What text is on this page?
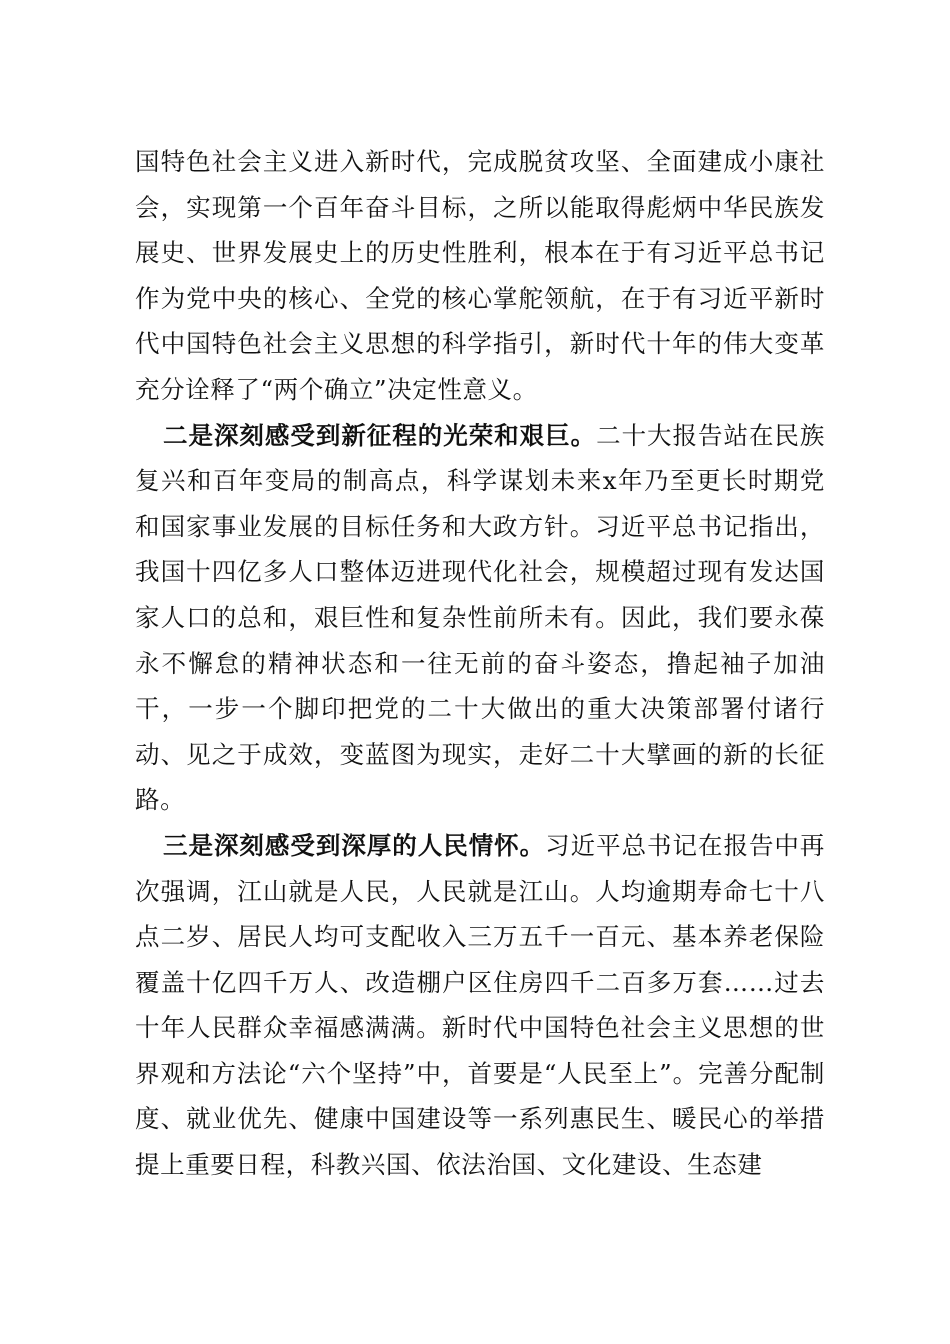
国特色社会主义进入新时代，完成脱贫攻坚、全面建成小康社会，实现第一个百年奋斗目标，之所以能取得彪炳中华民族发展史、世界发展史上的历史性胜利，根本在于有习近平总书记作为党中央的核心、全党的核心掌舵领航，在于有习近平新时代中国特色社会主义思想的科学指引，新时代十年的伟大变革充分诠释了“两个确立”决定性意义。

二是深刻感受到新征程的光荣和艰巨。二十大报告站在民族复兴和百年变局的制高点，科学谋划未来x年乃至更长时期党和国家事业发展的目标任务和大政方针。习近平总书记指出，我国十四亿多人口整体迈进现代化社会，规模超过现有发达国家人口的总和，艰巨性和复杂性前所未有。因此，我们要永葆永不懈怠的精神状态和一往无前的奋斗姿态，撸起袖子加油干，一步一个脚印把党的二十大做出的重大决策部署付诸行动、见之于成效，变蓝图为现实，走好二十大擘画的新的长征路。

三是深刻感受到深厚的人民情怀。习近平总书记在报告中再次强调，江山就是人民，人民就是江山。人均逾期寿命七十八点二岁、居民人均可支配收入三万五千一百元、基本养老保险覆盖十亿四千万人、改造棚户区住房四千二百多万套……过去十年人民群众幸福感满满。新时代中国特色社会主义思想的世界观和方法论“六个坚持”中，首要是“人民至上”。完善分配制度、就业优先、健康中国建设等一系列惠民生、暖民心的举措提上重要日程，科教兴国、依法治国、文化建设、生态建
